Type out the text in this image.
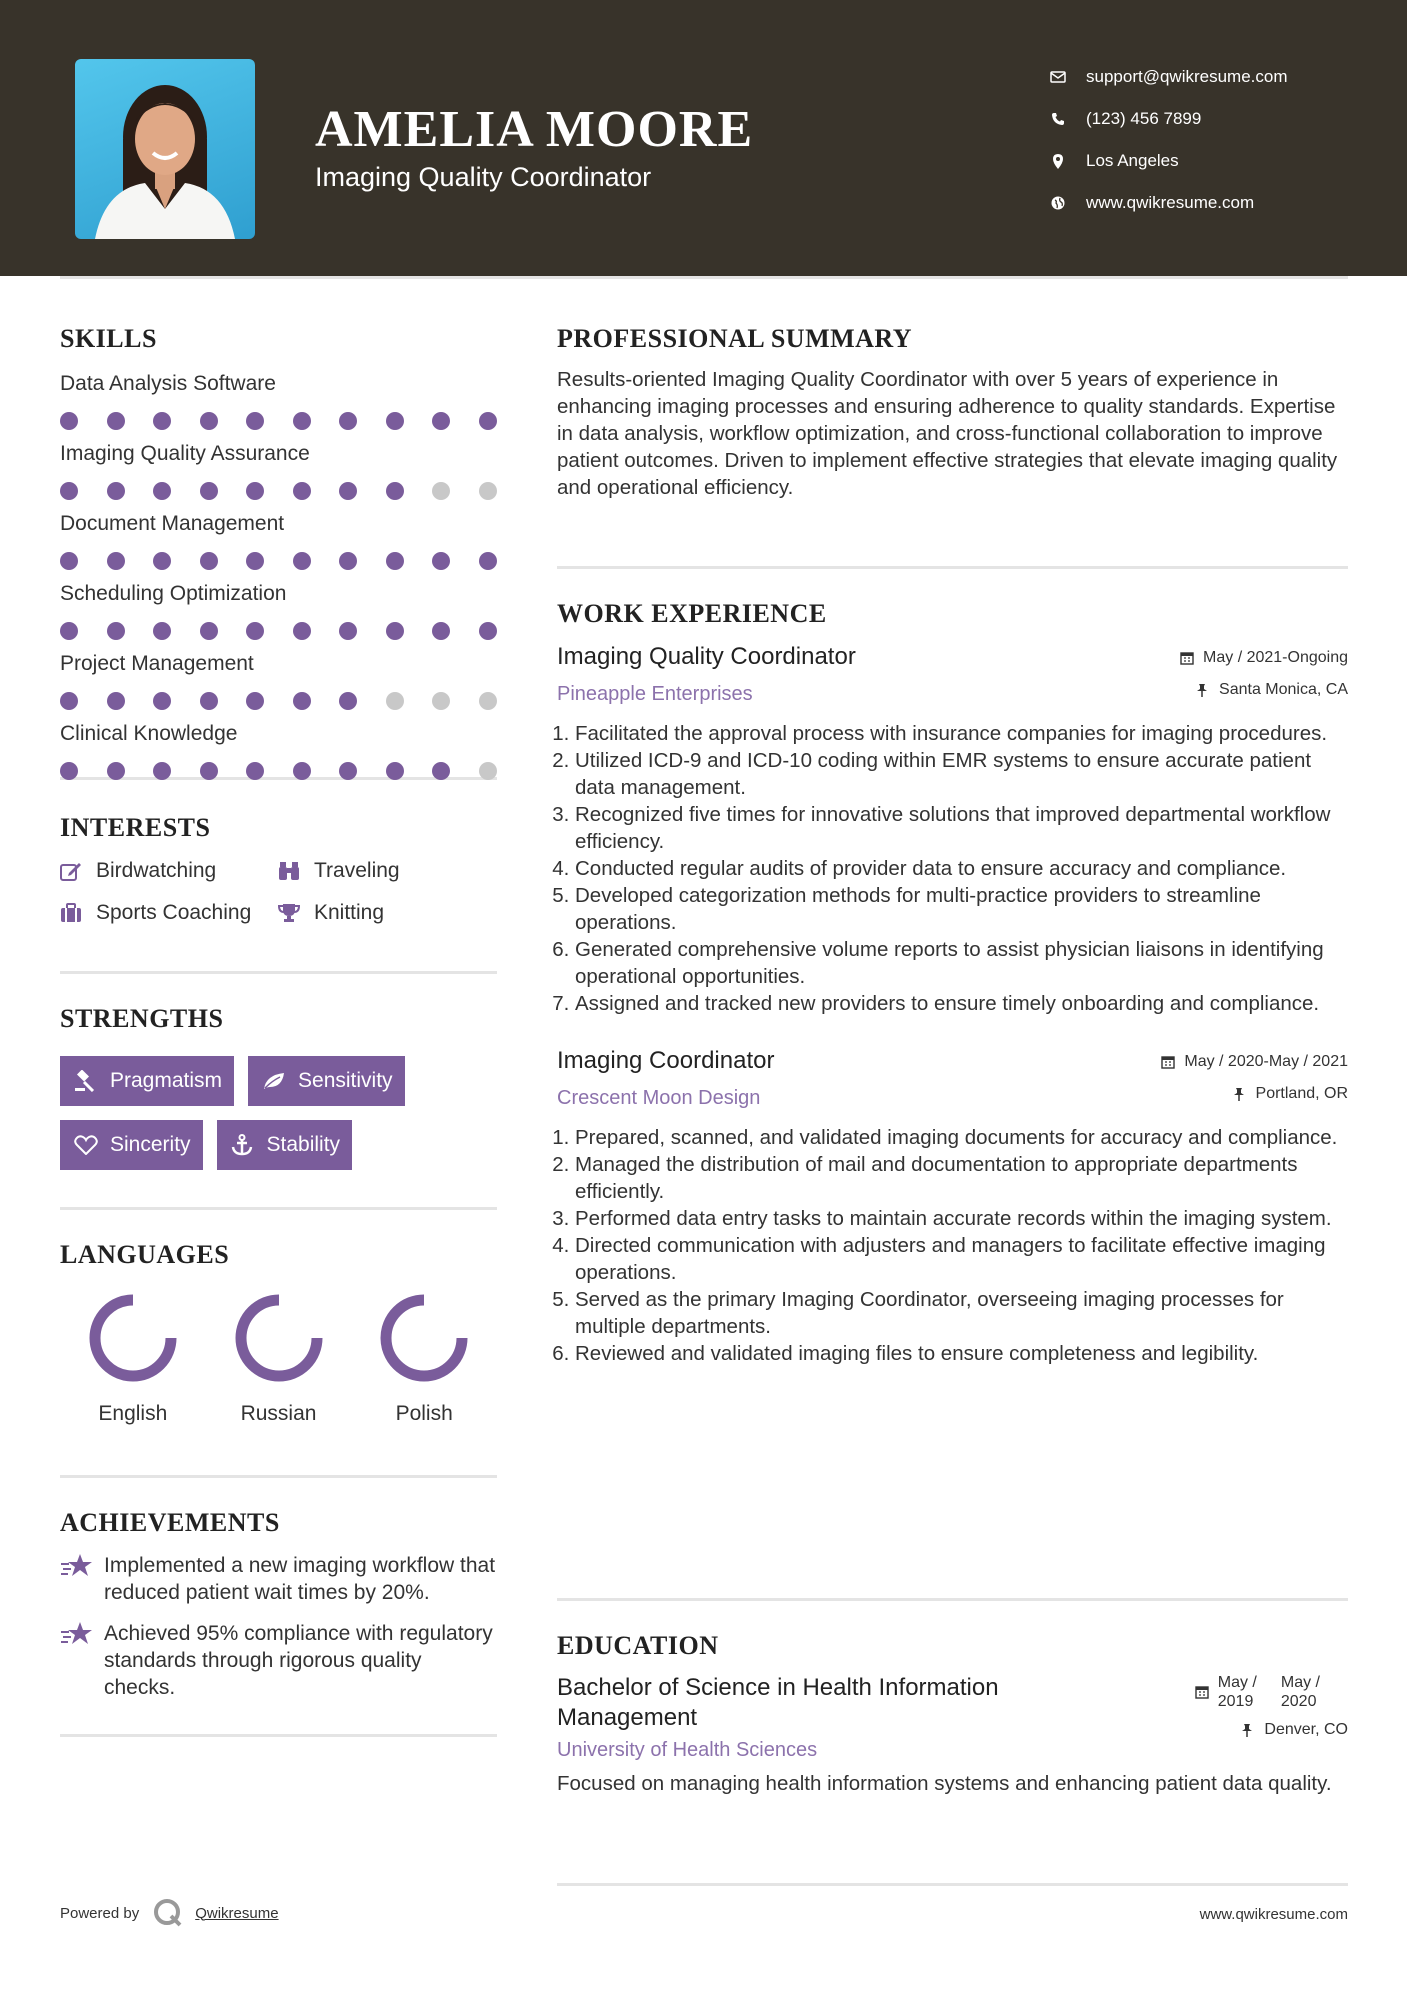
AMELIA MOORE
Imaging Quality Coordinator
support@qwikresume.com
(123) 456 7899
Los Angeles
www.qwikresume.com
SKILLS
Data Analysis Software
Imaging Quality Assurance
Document Management
Scheduling Optimization
Project Management
Clinical Knowledge
INTERESTS
Birdwatching	Traveling
Sports Coaching	Knitting
STRENGTHS
Pragmatism	Sensitivity
Sincerity	Stability
LANGUAGES
English	Russian	Polish
ACHIEVEMENTS
Implemented a new imaging workflow that reduced patient wait times by 20%.
Achieved 95% compliance with regulatory standards through rigorous quality checks.
PROFESSIONAL SUMMARY
Results-oriented Imaging Quality Coordinator with over 5 years of experience in enhancing imaging processes and ensuring adherence to quality standards. Expertise in data analysis, workflow optimization, and cross-functional collaboration to improve patient outcomes. Driven to implement effective strategies that elevate imaging quality and operational efficiency.
WORK EXPERIENCE
Imaging Quality Coordinator
Pineapple Enterprises
May / 2021-Ongoing
Santa Monica, CA
1. Facilitated the approval process with insurance companies for imaging procedures.
2. Utilized ICD-9 and ICD-10 coding within EMR systems to ensure accurate patient data management.
3. Recognized five times for innovative solutions that improved departmental workflow efficiency.
4. Conducted regular audits of provider data to ensure accuracy and compliance.
5. Developed categorization methods for multi-practice providers to streamline operations.
6. Generated comprehensive volume reports to assist physician liaisons in identifying operational opportunities.
7. Assigned and tracked new providers to ensure timely onboarding and compliance.
Imaging Coordinator
Crescent Moon Design
May / 2020-May / 2021
Portland, OR
1. Prepared, scanned, and validated imaging documents for accuracy and compliance.
2. Managed the distribution of mail and documentation to appropriate departments efficiently.
3. Performed data entry tasks to maintain accurate records within the imaging system.
4. Directed communication with adjusters and managers to facilitate effective imaging operations.
5. Served as the primary Imaging Coordinator, overseeing imaging processes for multiple departments.
6. Reviewed and validated imaging files to ensure completeness and legibility.
EDUCATION
Bachelor of Science in Health Information
Management
University of Health Sciences
May /
2019
May /
2020
Denver, CO
Focused on managing health information systems and enhancing patient data quality.
Powered by	Qwikresume	www.qwikresume.com
